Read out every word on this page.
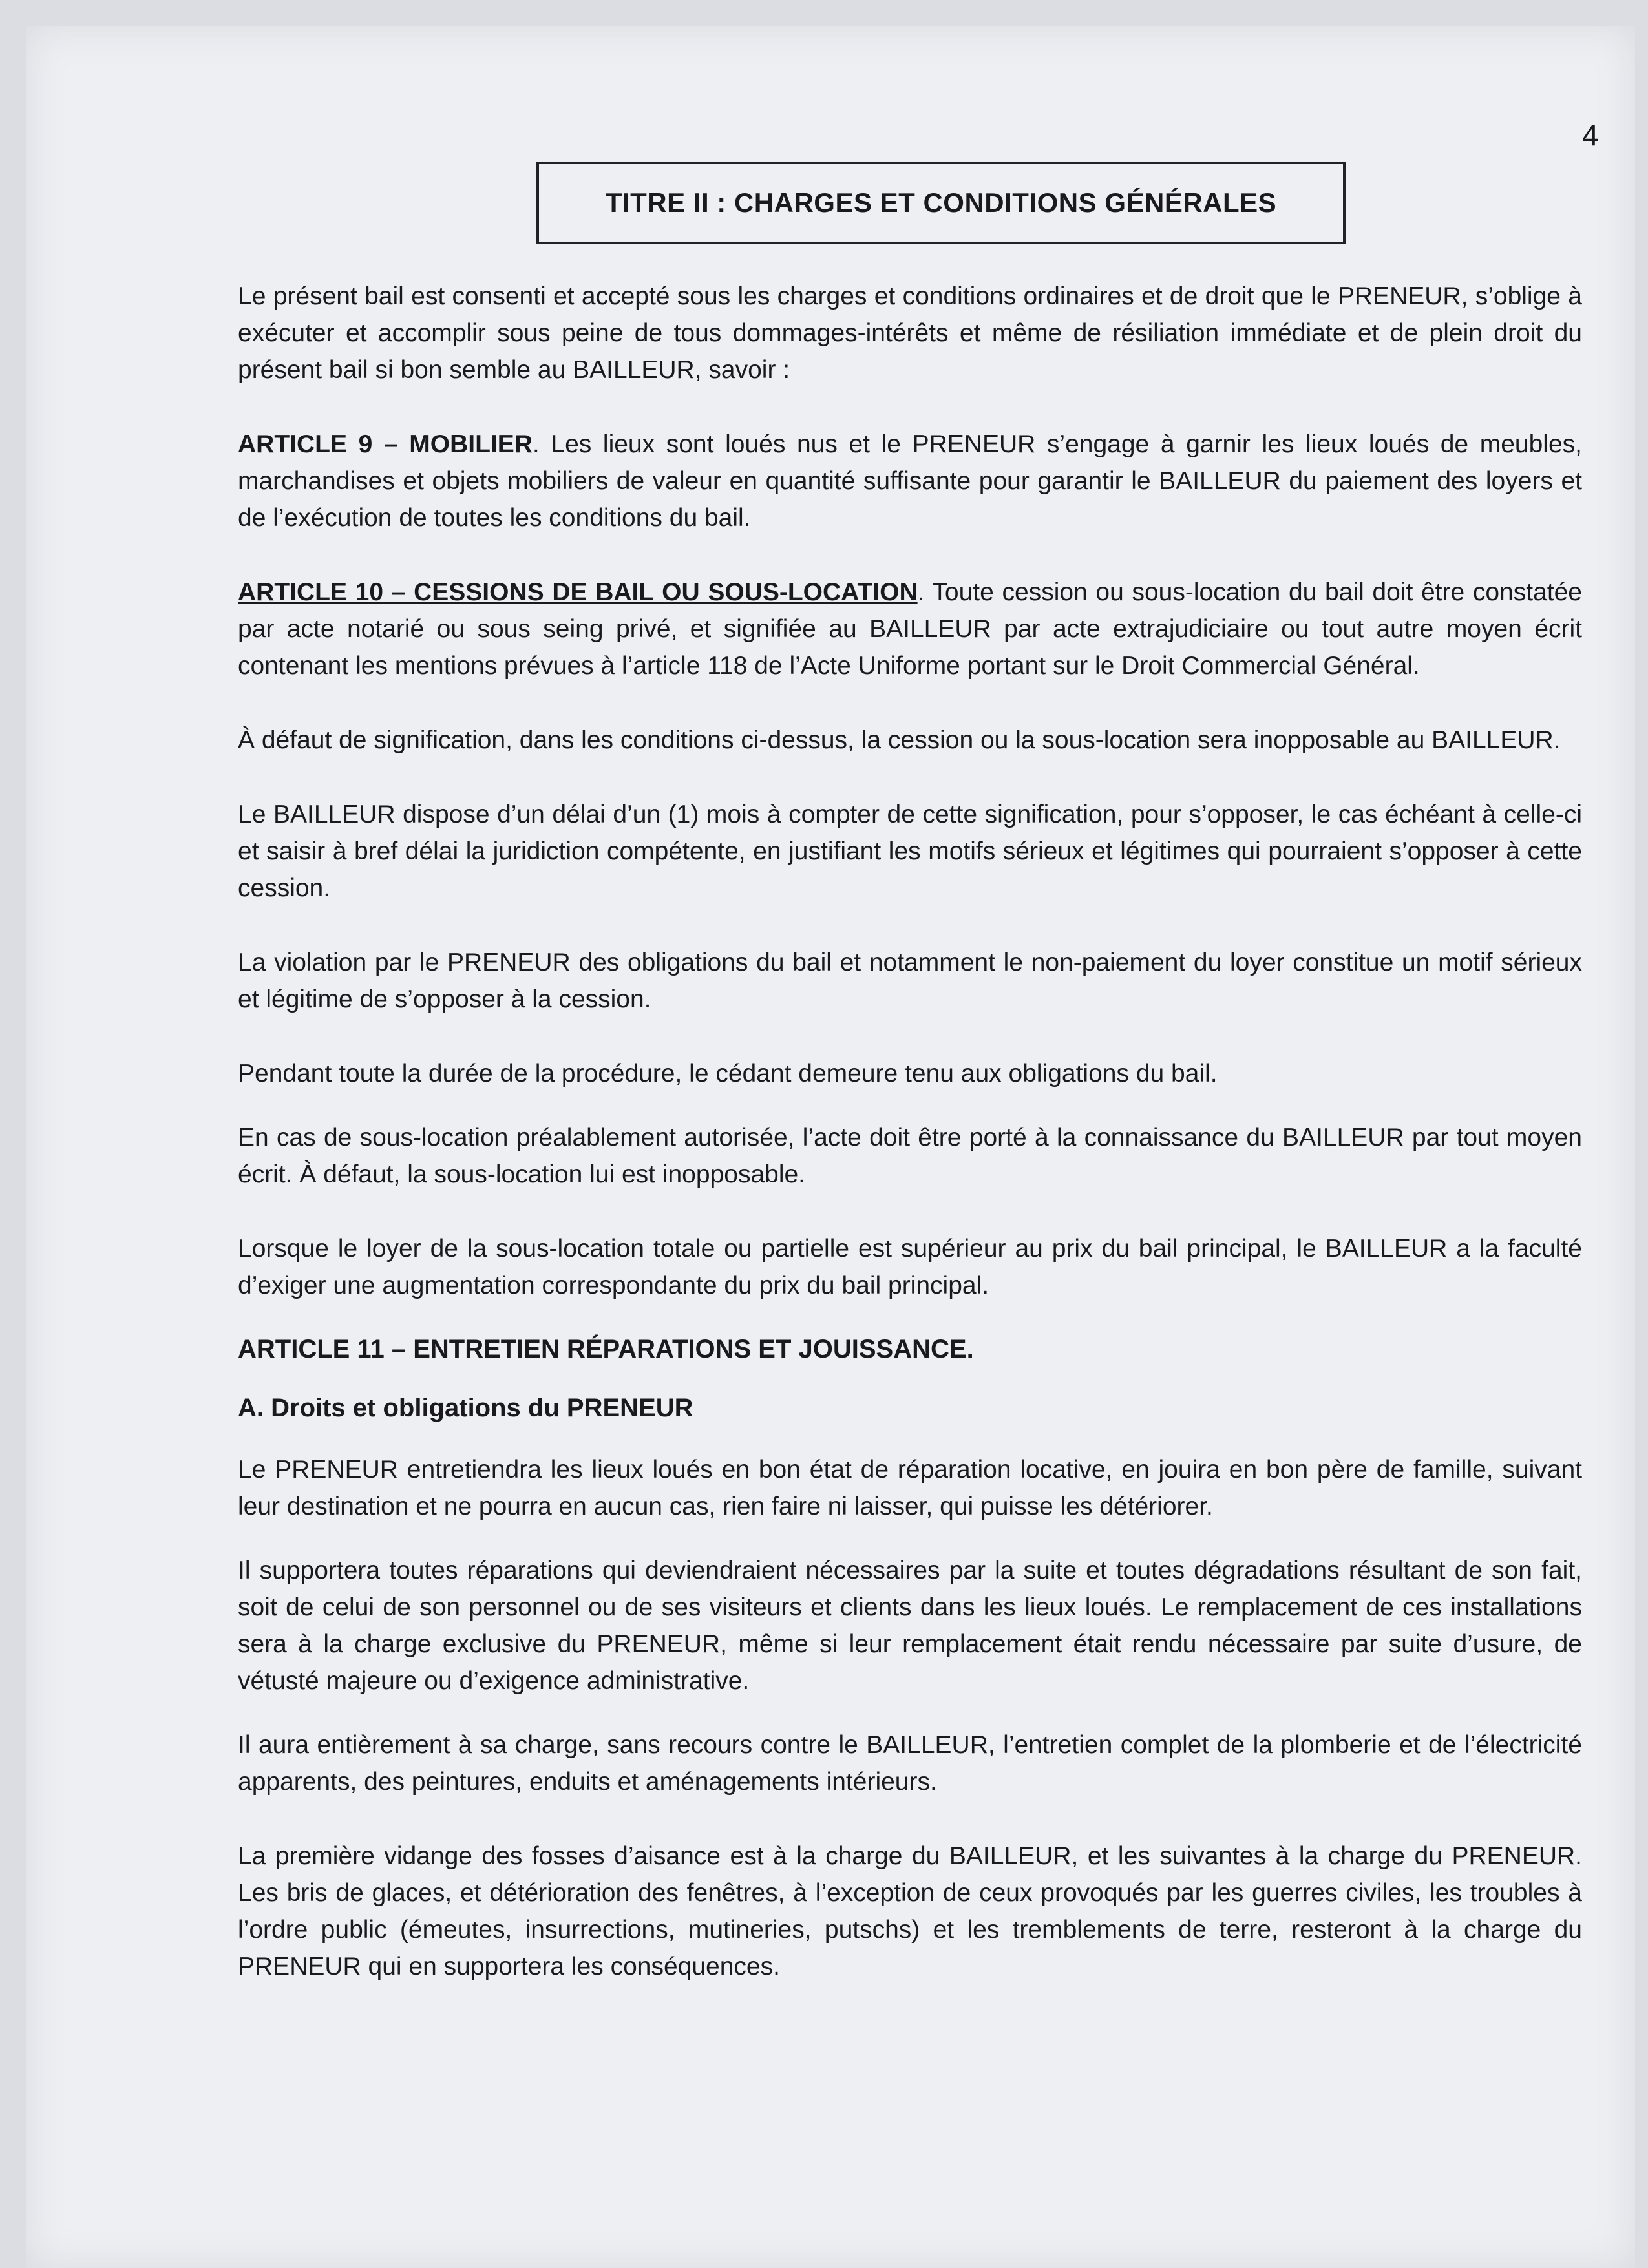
4
TITRE II : CHARGES ET CONDITIONS GÉNÉRALES

Le présent bail est consenti et accepté sous les charges et conditions ordinaires et de droit que le PRENEUR, s’oblige à exécuter et accomplir sous peine de tous dommages-intérêts et même de résiliation immédiate et de plein droit du présent bail si bon semble au BAILLEUR, savoir :

ARTICLE 9 – MOBILIER. Les lieux sont loués nus et le PRENEUR s’engage à garnir les lieux loués de meubles, marchandises et objets mobiliers de valeur en quantité suffisante pour garantir le BAILLEUR du paiement des loyers et de l’exécution de toutes les conditions du bail.

ARTICLE 10 – CESSIONS DE BAIL OU SOUS-LOCATION. Toute cession ou sous-location du bail doit être constatée par acte notarié ou sous seing privé, et signifiée au BAILLEUR par acte extrajudiciaire ou tout autre moyen écrit contenant les mentions prévues à l’article 118 de l’Acte Uniforme portant sur le Droit Commercial Général.

À défaut de signification, dans les conditions ci-dessus, la cession ou la sous-location sera inopposable au BAILLEUR.

Le BAILLEUR dispose d’un délai d’un (1) mois à compter de cette signification, pour s’opposer, le cas échéant à celle-ci et saisir à bref délai la juridiction compétente, en justifiant les motifs sérieux et légitimes qui pourraient s’opposer à cette cession.

La violation par le PRENEUR des obligations du bail et notamment le non-paiement du loyer constitue un motif sérieux et légitime de s’opposer à la cession.

Pendant toute la durée de la procédure, le cédant demeure tenu aux obligations du bail.

En cas de sous-location préalablement autorisée, l’acte doit être porté à la connaissance du BAILLEUR par tout moyen écrit. À défaut, la sous-location lui est inopposable.

Lorsque le loyer de la sous-location totale ou partielle est supérieur au prix du bail principal, le BAILLEUR a la faculté d’exiger une augmentation correspondante du prix du bail principal.

ARTICLE 11 – ENTRETIEN RÉPARATIONS ET JOUISSANCE.
A. Droits et obligations du PRENEUR

Le PRENEUR entretiendra les lieux loués en bon état de réparation locative, en jouira en bon père de famille, suivant leur destination et ne pourra en aucun cas, rien faire ni laisser, qui puisse les détériorer.

Il supportera toutes réparations qui deviendraient nécessaires par la suite et toutes dégradations résultant de son fait, soit de celui de son personnel ou de ses visiteurs et clients dans les lieux loués. Le remplacement de ces installations sera à la charge exclusive du PRENEUR, même si leur remplacement était rendu nécessaire par suite d’usure, de vétusté majeure ou d’exigence administrative.

Il aura entièrement à sa charge, sans recours contre le BAILLEUR, l’entretien complet de la plomberie et de l’électricité apparents, des peintures, enduits et aménagements intérieurs.

La première vidange des fosses d’aisance est à la charge du BAILLEUR, et les suivantes à la charge du PRENEUR. Les bris de glaces, et détérioration des fenêtres, à l’exception de ceux provoqués par les guerres civiles, les troubles à l’ordre public (émeutes, insurrections, mutineries, putschs) et les tremblements de terre, resteront à la charge du PRENEUR qui en supportera les conséquences.
